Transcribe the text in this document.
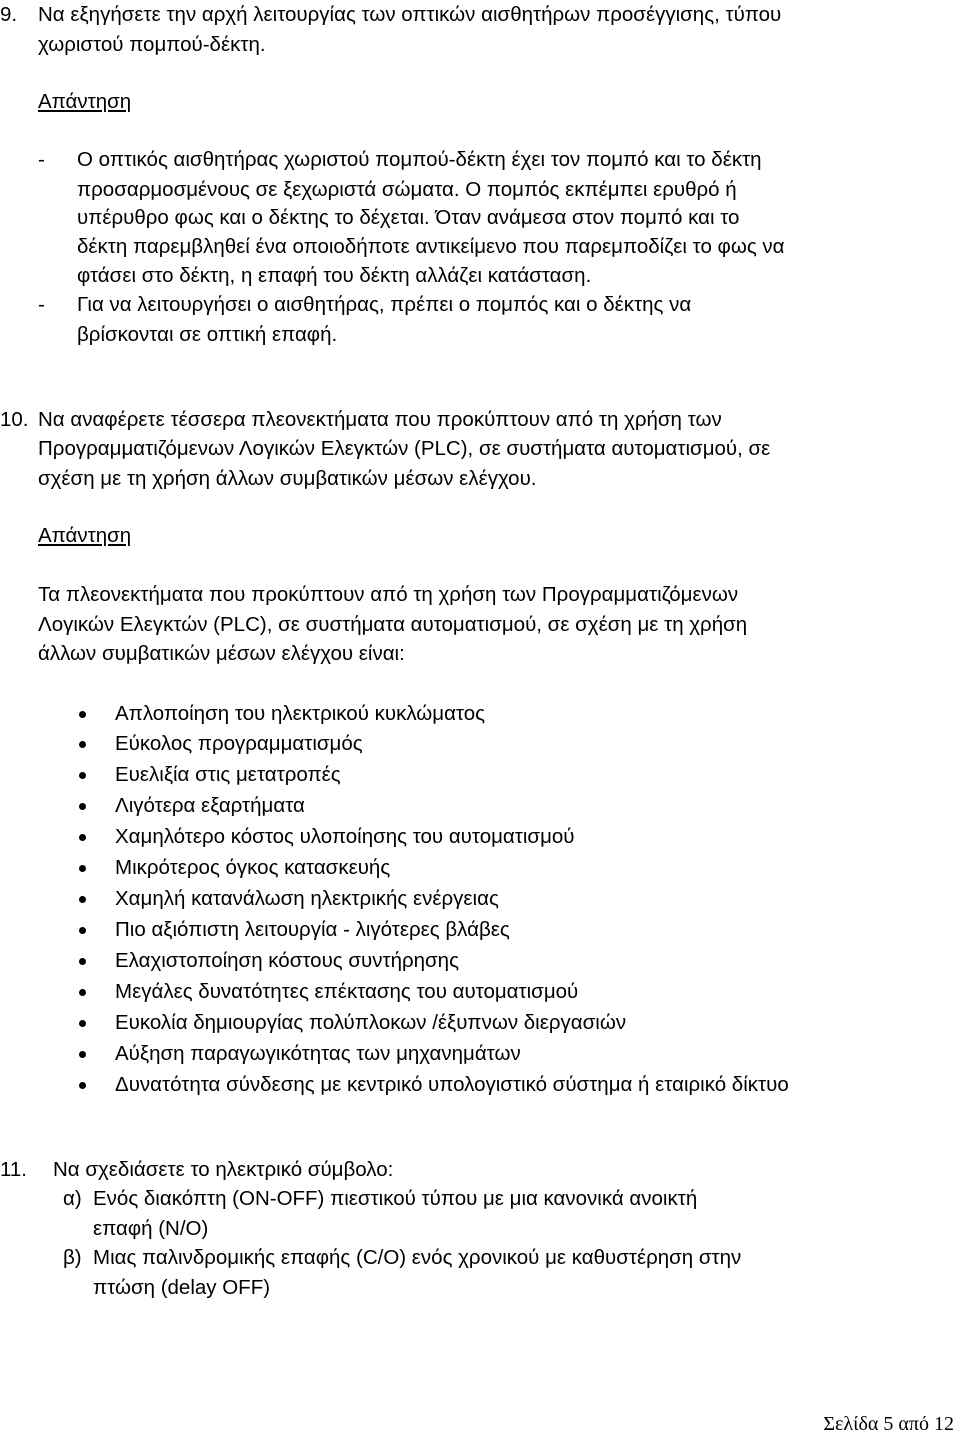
9. Να εξηγήσετε την αρχή λειτουργίας των οπτικών αισθητήρων προσέγγισης, τύπου
χωριστού πομπού-δέκτη.
Απάντηση
- Ο οπτικός αισθητήρας χωριστού πομπού-δέκτη έχει τον πομπό και το δέκτη
προσαρμοσμένους σε ξεχωριστά σώματα. Ο πομπός εκπέμπει ερυθρό ή
υπέρυθρο φως και ο δέκτης το δέχεται. Όταν ανάμεσα στον πομπό και το
δέκτη παρεμβληθεί ένα οποιοδήποτε αντικείμενο που παρεμποδίζει το φως να
φτάσει στο δέκτη, η επαφή του δέκτη αλλάζει κατάσταση.
- Για να λειτουργήσει ο αισθητήρας, πρέπει ο πομπός και ο δέκτης να
βρίσκονται σε οπτική επαφή.
10. Να αναφέρετε τέσσερα πλεονεκτήματα που προκύπτουν από τη χρήση των
Προγραμματιζόμενων Λογικών Ελεγκτών (PLC), σε συστήματα αυτοματισμού, σε
σχέση με τη χρήση άλλων συμβατικών μέσων ελέγχου.
Απάντηση
Τα πλεονεκτήματα που προκύπτουν από τη χρήση των Προγραμματιζόμενων
Λογικών Ελεγκτών (PLC), σε συστήματα αυτοματισμού, σε σχέση με τη χρήση
άλλων συμβατικών μέσων ελέγχου είναι:
Απλοποίηση του ηλεκτρικού κυκλώματος
Εύκολος προγραμματισμός
Ευελιξία στις μετατροπές
Λιγότερα εξαρτήματα
Χαμηλότερο κόστος υλοποίησης του αυτοματισμού
Μικρότερος όγκος κατασκευής
Χαμηλή κατανάλωση ηλεκτρικής ενέργειας
Πιο αξιόπιστη λειτουργία - λιγότερες βλάβες
Ελαχιστοποίηση κόστους συντήρησης
Μεγάλες δυνατότητες επέκτασης του αυτοματισμού
Ευκολία δημιουργίας πολύπλοκων /έξυπνων διεργασιών
Αύξηση παραγωγικότητας των μηχανημάτων
Δυνατότητα σύνδεσης με κεντρικό υπολογιστικό σύστημα ή εταιρικό δίκτυο
11. Να σχεδιάσετε το ηλεκτρικό σύμβολο:
α) Ενός διακόπτη (ON-OFF) πιεστικού τύπου με μια κανονικά ανοικτή
επαφή (N/O)
β) Μιας παλινδρομικής επαφής (C/O) ενός χρονικού με καθυστέρηση στην
πτώση (delay OFF)
Σελίδα 5 από 12
